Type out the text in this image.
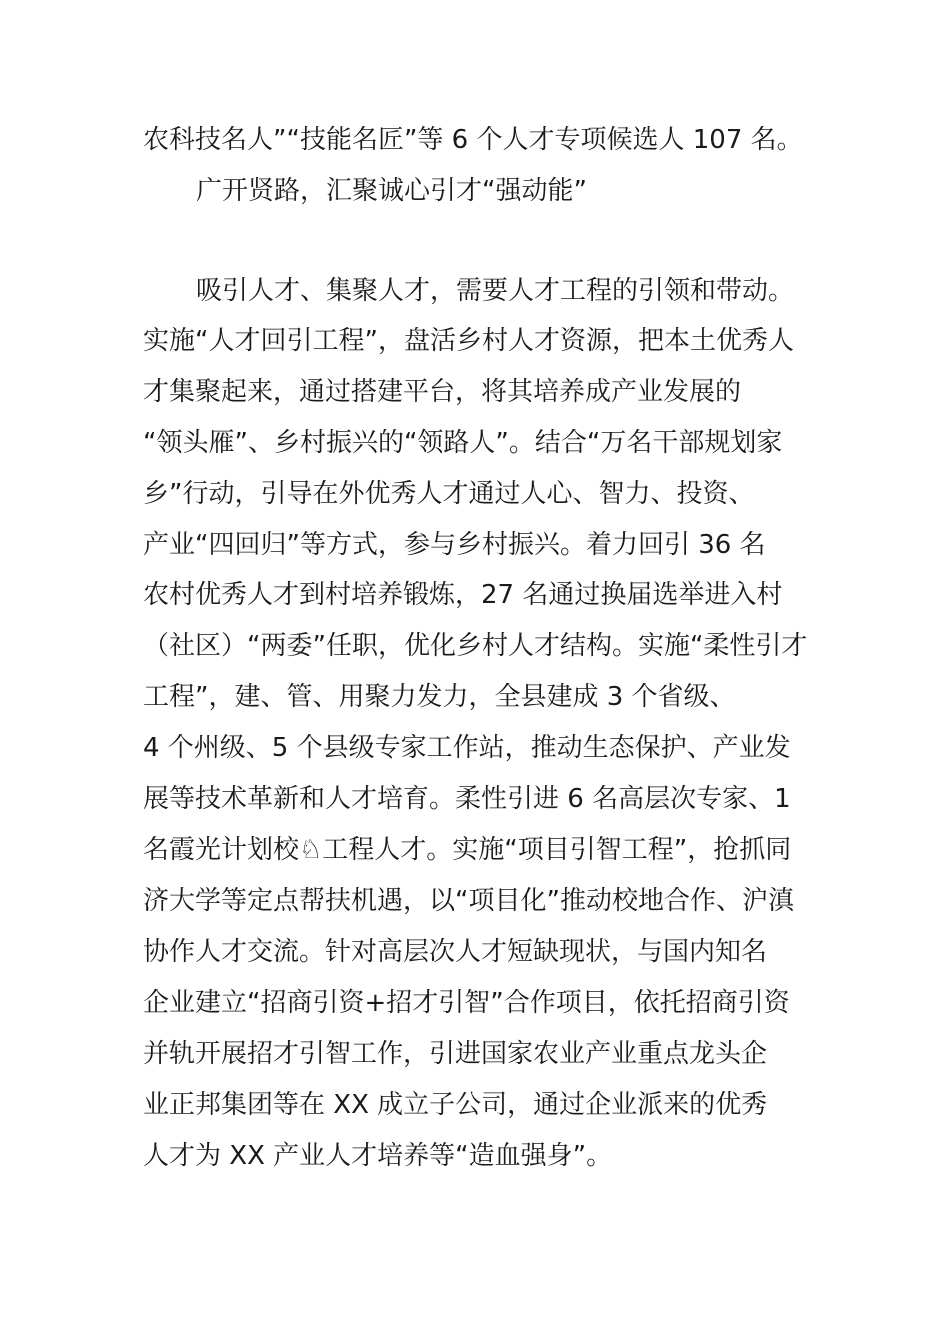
农科技名人”“技能名匠”等 6 个人才专项候选人 107 名。
广开贤路，汇聚诚心引才“强动能”
吸引人才、集聚人才，需要人才工程的引领和带动。
实施“人才回引工程”，盘活乡村人才资源，把本土优秀人
才集聚起来，通过搭建平台，将其培养成产业发展的
“领头雁”、乡村振兴的“领路人”。结合“万名干部规划家
乡”行动，引导在外优秀人才通过人心、智力、投资、
产业“四回归”等方式，参与乡村振兴。着力回引 36 名
农村优秀人才到村培养锻炼，27 名通过换届选举进入村
（社区）“两委”任职，优化乡村人才结构。实施“柔性引才
工程”，建、管、用聚力发力，全县建成 3 个省级、
4 个州级、5 个县级专家工作站，推动生态保护、产业发
展等技术革新和人才培育。柔性引进 6 名高层次专家、1
名霞光计划校♘工程人才。实施“项目引智工程”，抢抓同
济大学等定点帮扶机遇，以“项目化”推动校地合作、沪滇
协作人才交流。针对高层次人才短缺现状，与国内知名
企业建立“招商引资+招才引智”合作项目，依托招商引资
并轨开展招才引智工作，引进国家农业产业重点龙头企
业正邦集团等在 XX 成立子公司，通过企业派来的优秀
人才为 XX 产业人才培养等“造血强身”。
